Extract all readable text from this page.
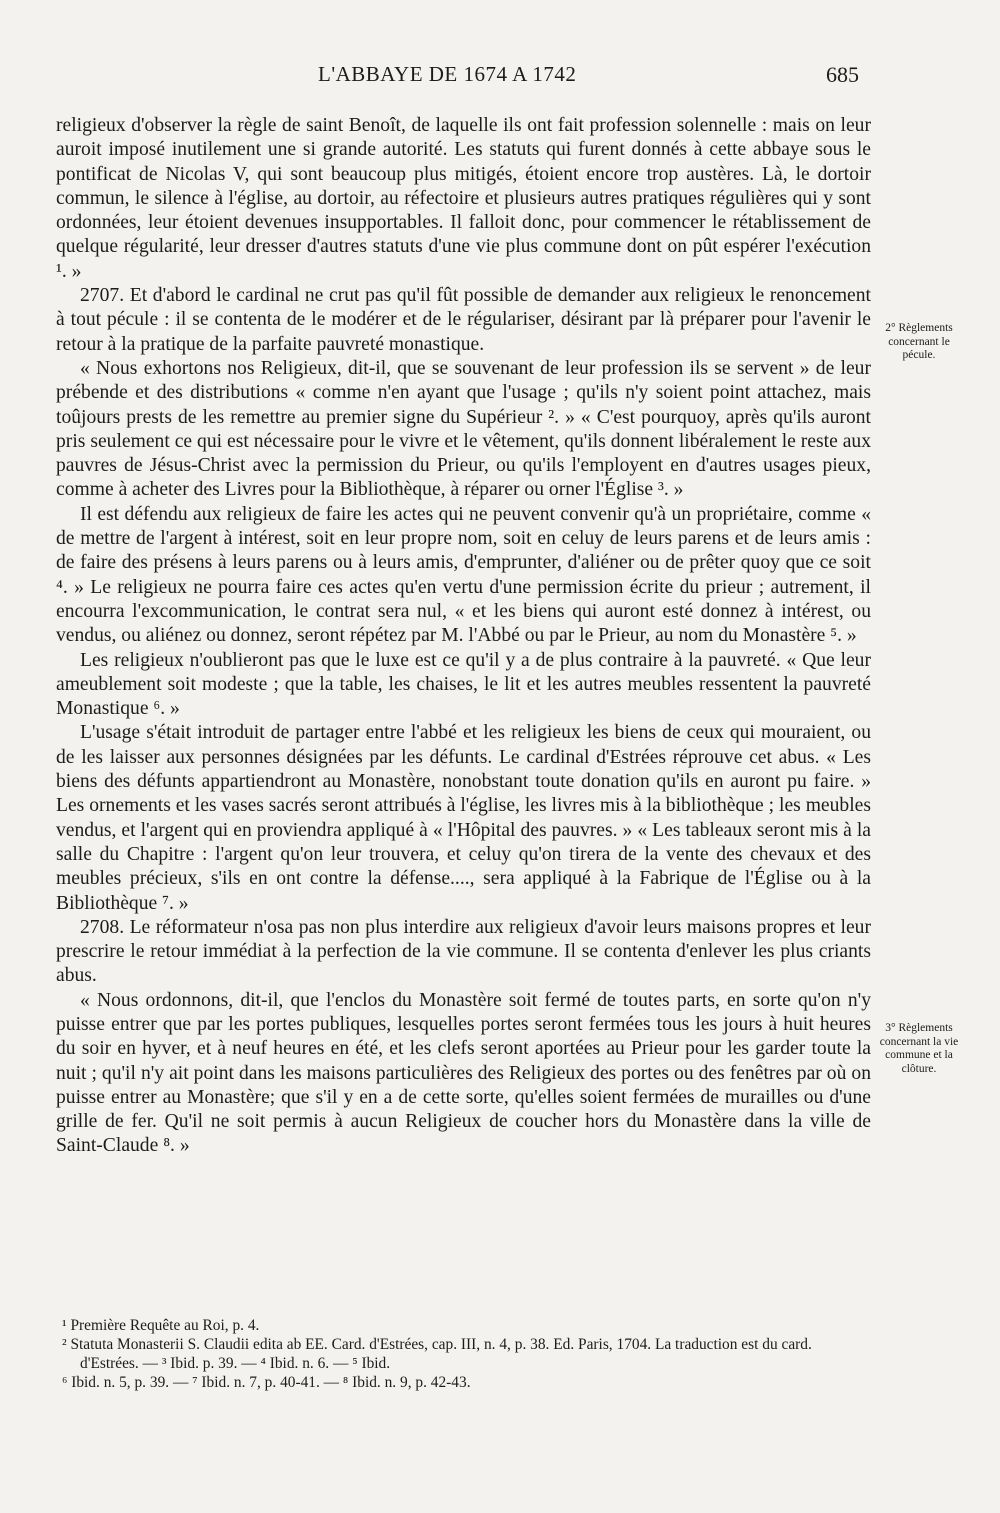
L'ABBAYE DE 1674 A 1742	685

religieux d'observer la règle de saint Benoît, de laquelle ils ont fait profession solennelle : mais on leur auroit imposé inutilement une si grande autorité. Les statuts qui furent donnés à cette abbaye sous le pontificat de Nicolas V, qui sont beaucoup plus mitigés, étoient encore trop austères. Là, le dortoir commun, le silence à l'église, au dortoir, au réfectoire et plusieurs autres pratiques régulières qui y sont ordonnées, leur étoient devenues insupportables. Il falloit donc, pour commencer le rétablissement de quelque régularité, leur dresser d'autres statuts d'une vie plus commune dont on pût espérer l'exécution ¹. »

2707. Et d'abord le cardinal ne crut pas qu'il fût possible de demander aux religieux le renoncement à tout pécule : il se contenta de le modérer et de le régulariser, désirant par là préparer pour l'avenir le retour à la pratique de la parfaite pauvreté monastique.

« Nous exhortons nos Religieux, dit-il, que se souvenant de leur profession ils se servent » de leur prébende et des distributions « comme n'en ayant que l'usage ; qu'ils n'y soient point attachez, mais toûjours prests de les remettre au premier signe du Supérieur ². » « C'est pourquoy, après qu'ils auront pris seulement ce qui est nécessaire pour le vivre et le vêtement, qu'ils donnent libéralement le reste aux pauvres de Jésus-Christ avec la permission du Prieur, ou qu'ils l'employent en d'autres usages pieux, comme à acheter des Livres pour la Bibliothèque, à réparer ou orner l'Église ³. »

Il est défendu aux religieux de faire les actes qui ne peuvent convenir qu'à un propriétaire, comme « de mettre de l'argent à intérest, soit en leur propre nom, soit en celuy de leurs parens et de leurs amis : de faire des présens à leurs parens ou à leurs amis, d'emprunter, d'aliéner ou de prêter quoy que ce soit ⁴. » Le religieux ne pourra faire ces actes qu'en vertu d'une permission écrite du prieur ; autrement, il encourra l'excommunication, le contrat sera nul, « et les biens qui auront esté donnez à intérest, ou vendus, ou aliénez ou donnez, seront répétez par M. l'Abbé ou par le Prieur, au nom du Monastère ⁵. »

Les religieux n'oublieront pas que le luxe est ce qu'il y a de plus contraire à la pauvreté. « Que leur ameublement soit modeste ; que la table, les chaises, le lit et les autres meubles ressentent la pauvreté Monastique ⁶. »

L'usage s'était introduit de partager entre l'abbé et les religieux les biens de ceux qui mouraient, ou de les laisser aux personnes désignées par les défunts. Le cardinal d'Estrées réprouve cet abus. « Les biens des défunts appartiendront au Monastère, nonobstant toute donation qu'ils en auront pu faire. » Les ornements et les vases sacrés seront attribués à l'église, les livres mis à la bibliothèque ; les meubles vendus, et l'argent qui en proviendra appliqué à « l'Hôpital des pauvres. » « Les tableaux seront mis à la salle du Chapitre : l'argent qu'on leur trouvera, et celuy qu'on tirera de la vente des chevaux et des meubles précieux, s'ils en ont contre la défense...., sera appliqué à la Fabrique de l'Église ou à la Bibliothèque ⁷. »

2708. Le réformateur n'osa pas non plus interdire aux religieux d'avoir leurs maisons propres et leur prescrire le retour immédiat à la perfection de la vie commune. Il se contenta d'enlever les plus criants abus.

« Nous ordonnons, dit-il, que l'enclos du Monastère soit fermé de toutes parts, en sorte qu'on n'y puisse entrer que par les portes publiques, lesquelles portes seront fermées tous les jours à huit heures du soir en hyver, et à neuf heures en été, et les clefs seront aportées au Prieur pour les garder toute la nuit ; qu'il n'y ait point dans les maisons particulières des Religieux des portes ou des fenêtres par où on puisse entrer au Monastère; que s'il y en a de cette sorte, qu'elles soient fermées de murailles ou d'une grille de fer. Qu'il ne soit permis à aucun Religieux de coucher hors du Monastère dans la ville de Saint-Claude ⁸. »

2° Règlements concernant le pécule.
3° Règlements concernant la vie commune et la clôture.

¹ Première Requête au Roi, p. 4.

² Statuta Monasterii S. Claudii edita ab EE. Card. d'Estrées, cap. III, n. 4, p. 38. Ed. Paris, 1704. La traduction est du card. d'Estrées. — ³ Ibid. p. 39. — ⁴ Ibid. n. 6. — ⁵ Ibid.

⁶ Ibid. n. 5, p. 39. — ⁷ Ibid. n. 7, p. 40-41. — ⁸ Ibid. n. 9, p. 42-43.
